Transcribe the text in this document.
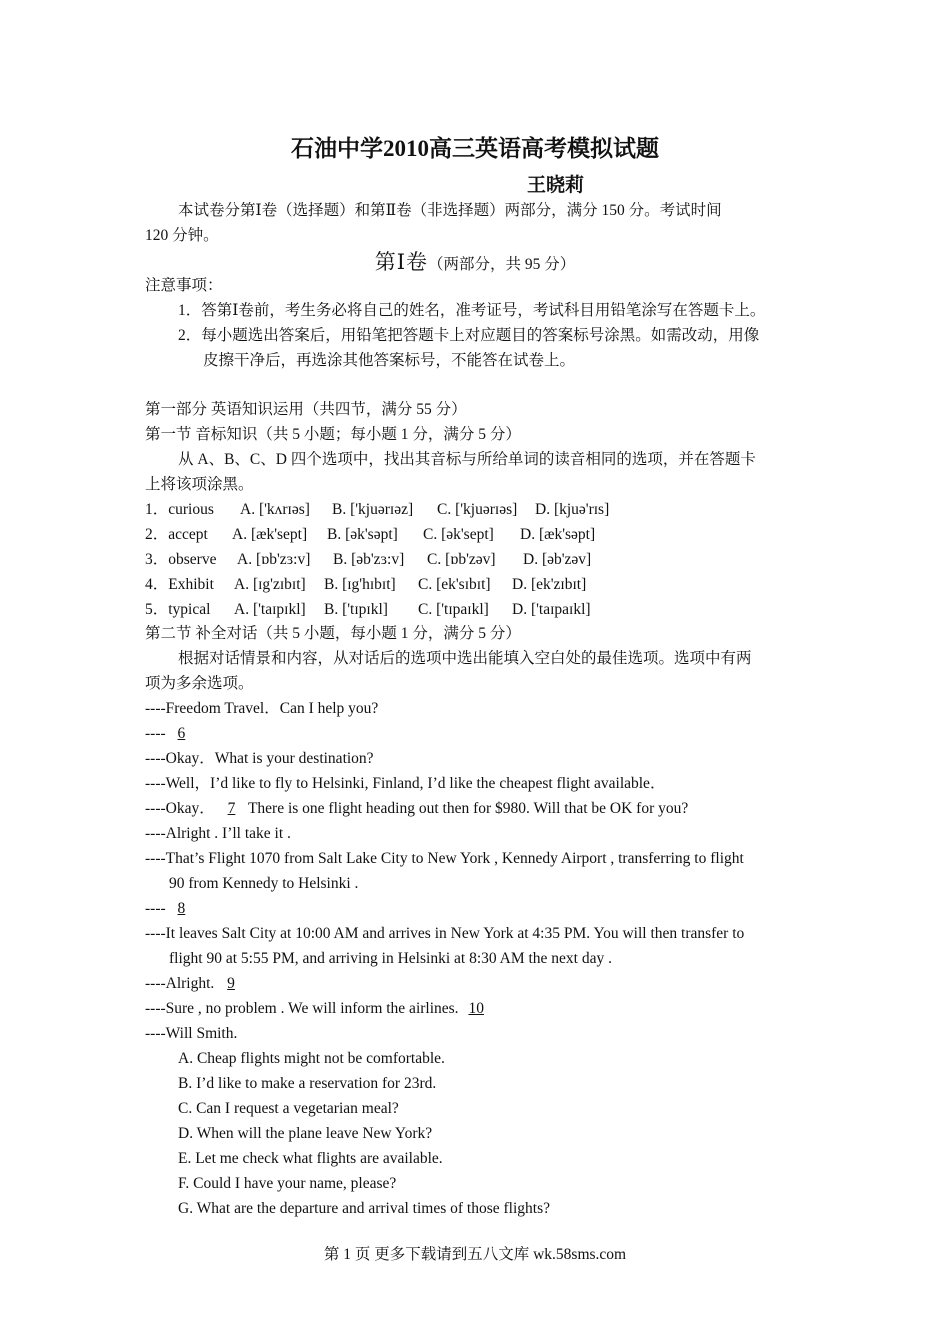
石油中学2010高三英语高考模拟试题
王晓莉
本试卷分第Ⅰ卷（选择题）和第Ⅱ卷（非选择题）两部分，满分 150 分。考试时间
120 分钟。
第Ⅰ卷（两部分，共 95 分）
注意事项：
1．答第Ⅰ卷前，考生务必将自己的姓名，准考证号，考试科目用铅笔涂写在答题卡上。
2．每小题选出答案后，用铅笔把答题卡上对应题目的答案标号涂黑。如需改动，用像
皮擦干净后，再选涂其他答案标号，不能答在试卷上。
第一部分 英语知识运用（共四节，满分 55 分）
第一节 音标知识（共 5 小题；每小题 1 分，满分 5 分）
从 A、B、C、D 四个选项中，找出其音标与所给单词的读音相同的选项，并在答题卡
上将该项涂黑。
1．curious A. ['kʌrɪəs] B. ['kjuərɪəz] C. ['kjuərɪəs] D. [kjuə'rɪs]
2．accept A. [æk'sept] B. [ək'səpt] C. [ək'sept] D. [æk'səpt]
3．observe A. [ɒb'zɜ:v] B. [əb'zɜ:v] C. [ɒb'zəv] D. [əb'zəv]
4．Exhibit A. [ɪg'zɪbɪt] B. [ɪg'hɪbɪt] C. [ek'sɪbɪt] D. [ek'zɪbɪt]
5．typical A. ['taɪpɪkl] B. ['tɪpɪkl] C. ['tɪpaɪkl] D. ['taɪpaɪkl]
第二节 补全对话（共 5 小题，每小题 1 分，满分 5 分）
根据对话情景和内容，从对话后的选项中选出能填入空白处的最佳选项。选项中有两
项为多余选项。
----Freedom Travel．Can I help you?
---- 6
----Okay．What is your destination?
----Well，I’d like to fly to Helsinki, Finland, I’d like the cheapest flight available．
----Okay． 7 There is one flight heading out then for $980. Will that be OK for you?
----Alright . I’ll take it .
----That’s Flight 1070 from Salt Lake City to New York , Kennedy Airport , transferring to flight
90 from Kennedy to Helsinki .
---- 8
----It leaves Salt City at 10:00 AM and arrives in New York at 4:35 PM. You will then transfer to
flight 90 at 5:55 PM, and arriving in Helsinki at 8:30 AM the next day .
----Alright. 9
----Sure , no problem . We will inform the airlines. 10
----Will Smith.
A. Cheap flights might not be comfortable.
B. I’d like to make a reservation for 23rd.
C. Can I request a vegetarian meal?
D. When will the plane leave New York?
E. Let me check what flights are available.
F. Could I have your name, please?
G. What are the departure and arrival times of those flights?
第 1 页 更多下载请到五八文库 wk.58sms.com
